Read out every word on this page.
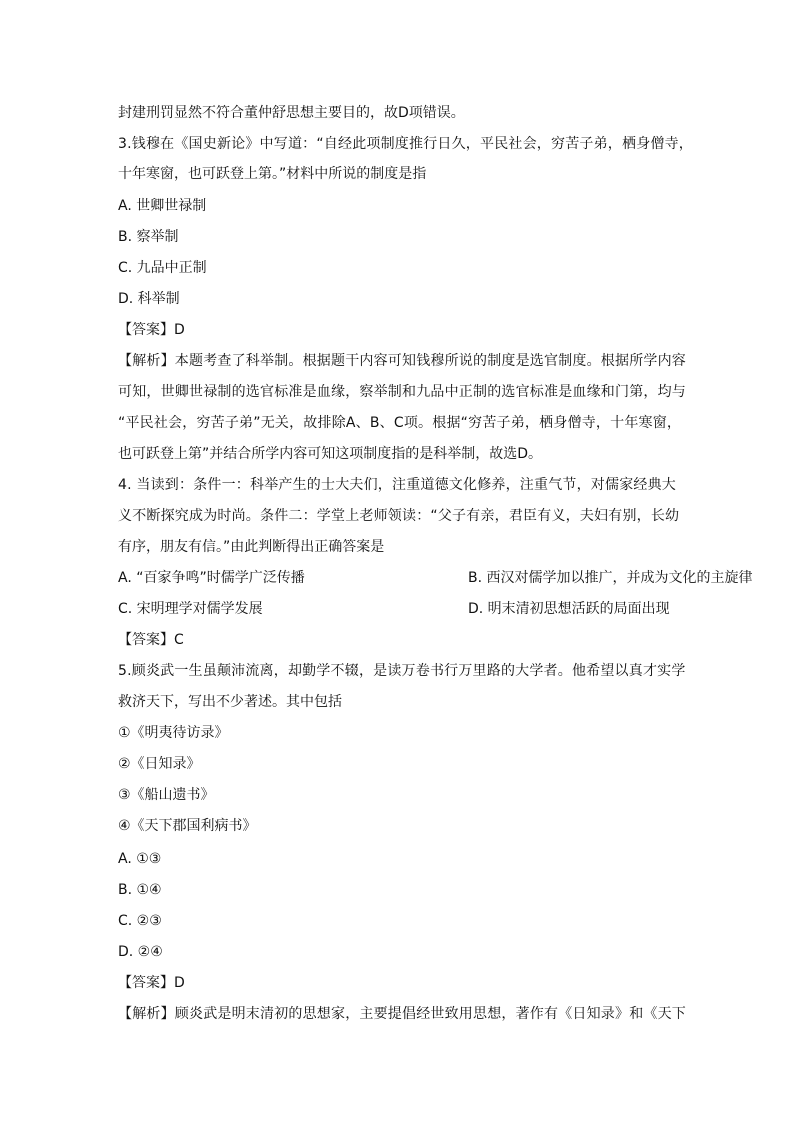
封建刑罚显然不符合董仲舒思想主要目的，故D项错误。
3.钱穆在《国史新论》中写道：“自经此项制度推行日久，平民社会，穷苦子弟，栖身僧寺，
十年寒窗，也可跃登上第。”材料中所说的制度是指
A. 世卿世禄制
B. 察举制
C. 九品中正制
D. 科举制
【答案】D
【解析】本题考查了科举制。根据题干内容可知钱穆所说的制度是选官制度。根据所学内容
可知，世卿世禄制的选官标准是血缘，察举制和九品中正制的选官标准是血缘和门第，均与
“平民社会，穷苦子弟”无关，故排除A、B、C项。根据“穷苦子弟，栖身僧寺，十年寒窗，
也可跃登上第”并结合所学内容可知这项制度指的是科举制，故选D。
4. 当读到：条件一：科举产生的士大夫们，注重道德文化修养，注重气节，对儒家经典大
义不断探究成为时尚。条件二：学堂上老师领读：“父子有亲，君臣有义，夫妇有别，长幼
有序，朋友有信。”由此判断得出正确答案是
A. “百家争鸣”时儒学广泛传播	B. 西汉对儒学加以推广，并成为文化的主旋律
C. 宋明理学对儒学发展	D. 明末清初思想活跃的局面出现
【答案】C
5.顾炎武一生虽颠沛流离，却勤学不辍，是读万卷书行万里路的大学者。他希望以真才实学
救济天下，写出不少著述。其中包括
①《明夷待访录》
②《日知录》
③《船山遗书》
④《天下郡国利病书》
A. ①③
B. ①④
C. ②③
D. ②④
【答案】D
【解析】顾炎武是明末清初的思想家，主要提倡经世致用思想，著作有《日知录》和《天下
